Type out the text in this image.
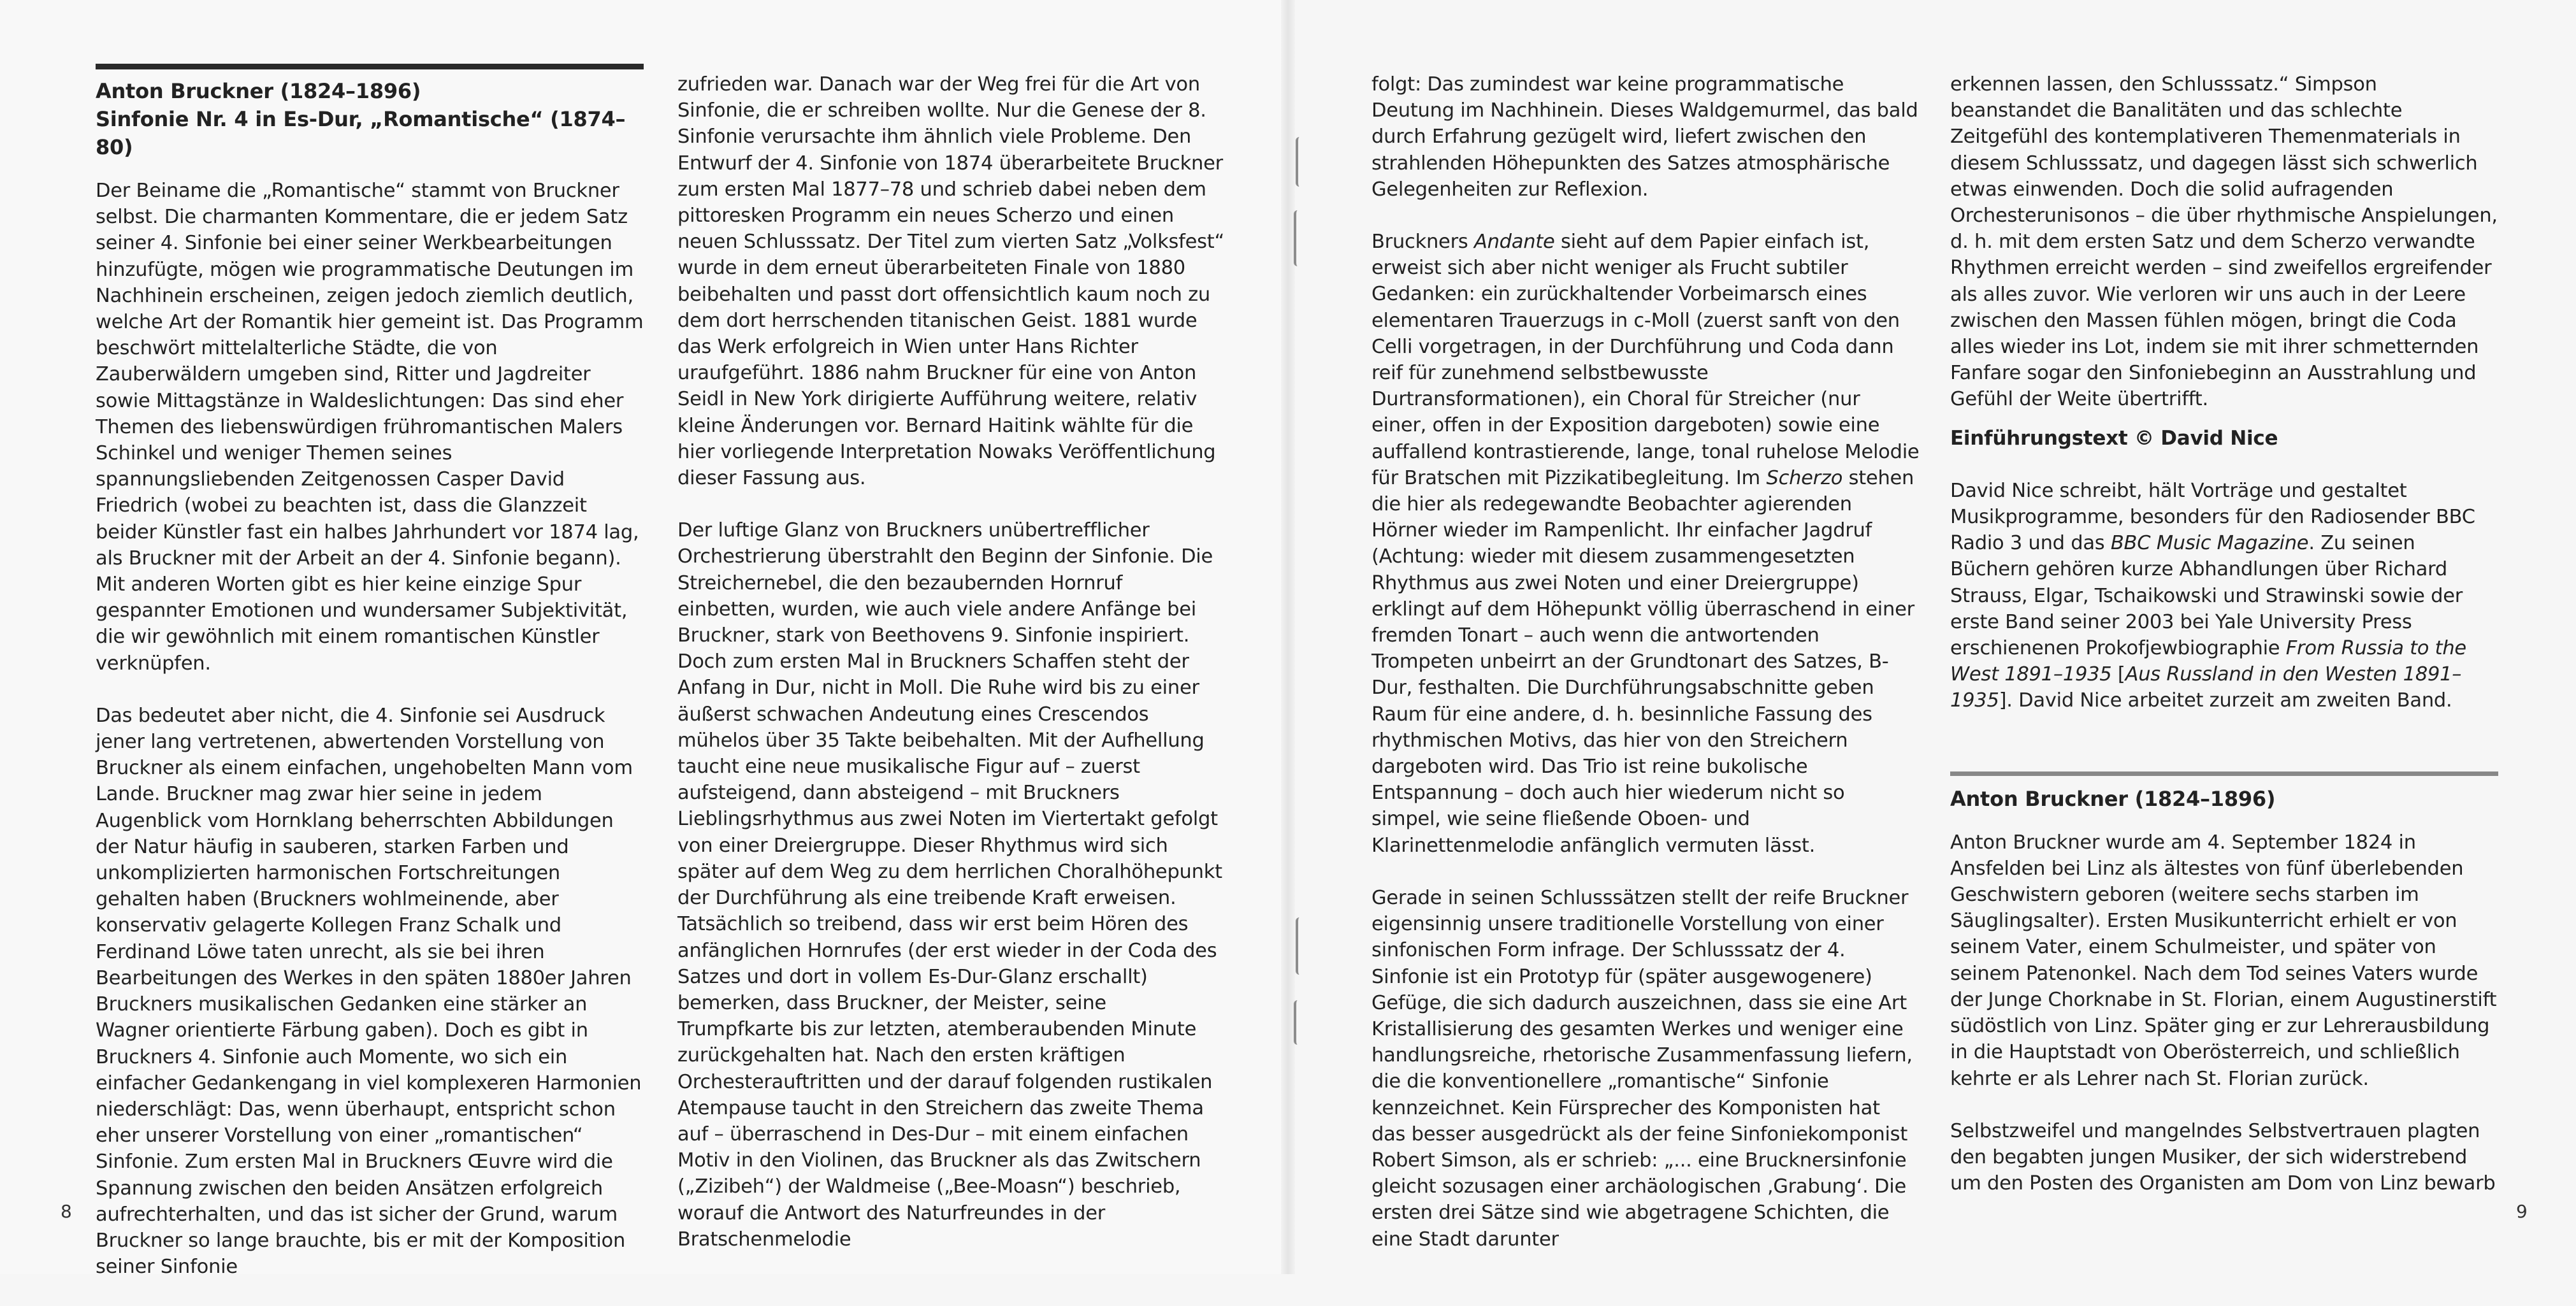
Anton Bruckner (1824–1896)

Sinfonie Nr. 4 in Es-Dur, „Romantische“ (1874–80)

Der Beiname die „Romantische“ stammt von Bruckner selbst. Die charmanten Kommentare, die er jedem Satz seiner 4. Sinfonie bei einer seiner Werkbearbeitungen hinzufügte, mögen wie programmatische Deutungen im Nachhinein erscheinen, zeigen jedoch ziemlich deutlich, welche Art der Romantik hier gemeint ist. Das Programm beschwört mittelalterliche Städte, die von Zauberwäldern umgeben sind, Ritter und Jagdreiter sowie Mittagstänze in Waldeslichtungen: Das sind eher Themen des liebenswürdigen frühromantischen Malers Schinkel und weniger Themen seines spannungsliebenden Zeitgenossen Casper David Friedrich (wobei zu beachten ist, dass die Glanzzeit beider Künstler fast ein halbes Jahrhundert vor 1874 lag, als Bruckner mit der Arbeit an der 4. Sinfonie begann). Mit anderen Worten gibt es hier keine einzige Spur gespannter Emotionen und wundersamer Subjektivität, die wir gewöhnlich mit einem romantischen Künstler verknüpfen.

Das bedeutet aber nicht, die 4. Sinfonie sei Ausdruck jener lang vertretenen, abwertenden Vorstellung von Bruckner als einem einfachen, ungehobelten Mann vom Lande. Bruckner mag zwar hier seine in jedem Augenblick vom Hornklang beherrschten Abbildungen der Natur häufig in sauberen, starken Farben und unkomplizierten harmonischen Fortschreitungen gehalten haben (Bruckners wohlmeinende, aber konservativ gelagerte Kollegen Franz Schalk und Ferdinand Löwe taten unrecht, als sie bei ihren Bearbeitungen des Werkes in den späten 1880er Jahren Bruckners musikalischen Gedanken eine stärker an Wagner orientierte Färbung gaben). Doch es gibt in Bruckners 4. Sinfonie auch Momente, wo sich ein einfacher Gedankengang in viel komplexeren Harmonien niederschlägt: Das, wenn überhaupt, entspricht schon eher unserer Vorstellung von einer „romantischen“ Sinfonie. Zum ersten Mal in Bruckners Œuvre wird die Spannung zwischen den beiden Ansätzen erfolgreich aufrechterhalten, und das ist sicher der Grund, warum Bruckner so lange brauchte, bis er mit der Komposition seiner Sinfonie

zufrieden war. Danach war der Weg frei für die Art von Sinfonie, die er schreiben wollte. Nur die Genese der 8. Sinfonie verursachte ihm ähnlich viele Probleme. Den Entwurf der 4. Sinfonie von 1874 überarbeitete Bruckner zum ersten Mal 1877–78 und schrieb dabei neben dem pittoresken Programm ein neues Scherzo und einen neuen Schlusssatz. Der Titel zum vierten Satz „Volksfest“ wurde in dem erneut überarbeiteten Finale von 1880 beibehalten und passt dort offensichtlich kaum noch zu dem dort herrschenden titanischen Geist. 1881 wurde das Werk erfolgreich in Wien unter Hans Richter uraufgeführt. 1886 nahm Bruckner für eine von Anton Seidl in New York dirigierte Aufführung weitere, relativ kleine Änderungen vor. Bernard Haitink wählte für die hier vorliegende Interpretation Nowaks Veröffentlichung dieser Fassung aus.

Der luftige Glanz von Bruckners unübertrefflicher Orchestrierung überstrahlt den Beginn der Sinfonie. Die Streichernebel, die den bezaubernden Hornruf einbetten, wurden, wie auch viele andere Anfänge bei Bruckner, stark von Beethovens 9. Sinfonie inspiriert. Doch zum ersten Mal in Bruckners Schaffen steht der Anfang in Dur, nicht in Moll. Die Ruhe wird bis zu einer äußerst schwachen Andeutung eines Crescendos mühelos über 35 Takte beibehalten. Mit der Aufhellung taucht eine neue musikalische Figur auf – zuerst aufsteigend, dann absteigend – mit Bruckners Lieblingsrhythmus aus zwei Noten im Viertertakt gefolgt von einer Dreiergruppe. Dieser Rhythmus wird sich später auf dem Weg zu dem herrlichen Choralhöhepunkt der Durchführung als eine treibende Kraft erweisen. Tatsächlich so treibend, dass wir erst beim Hören des anfänglichen Hornrufes (der erst wieder in der Coda des Satzes und dort in vollem Es-Dur-Glanz erschallt) bemerken, dass Bruckner, der Meister, seine Trumpfkarte bis zur letzten, atemberaubenden Minute zurückgehalten hat. Nach den ersten kräftigen Orchesterauftritten und der darauf folgenden rustikalen Atempause taucht in den Streichern das zweite Thema auf – überraschend in Des-Dur – mit einem einfachen Motiv in den Violinen, das Bruckner als das Zwitschern („Zizibeh“) der Waldmeise („Bee-Moasn“) beschrieb, worauf die Antwort des Naturfreundes in der Bratschenmelodie

folgt: Das zumindest war keine programmatische Deutung im Nachhinein. Dieses Waldgemurmel, das bald durch Erfahrung gezügelt wird, liefert zwischen den strahlenden Höhepunkten des Satzes atmosphärische Gelegenheiten zur Reflexion.

Bruckners Andante sieht auf dem Papier einfach ist, erweist sich aber nicht weniger als Frucht subtiler Gedanken: ein zurückhaltender Vorbeimarsch eines elementaren Trauerzugs in c-Moll (zuerst sanft von den Celli vorgetragen, in der Durchführung und Coda dann reif für zunehmend selbstbewusste Durtransformationen), ein Choral für Streicher (nur einer, offen in der Exposition dargeboten) sowie eine auffallend kontrastierende, lange, tonal ruhelose Melodie für Bratschen mit Pizzikatibegleitung. Im Scherzo stehen die hier als redegewandte Beobachter agierenden Hörner wieder im Rampenlicht. Ihr einfacher Jagdruf (Achtung: wieder mit diesem zusammengesetzten Rhythmus aus zwei Noten und einer Dreiergruppe) erklingt auf dem Höhepunkt völlig überraschend in einer fremden Tonart – auch wenn die antwortenden Trompeten unbeirrt an der Grundtonart des Satzes, B-Dur, festhalten. Die Durchführungsabschnitte geben Raum für eine andere, d. h. besinnliche Fassung des rhythmischen Motivs, das hier von den Streichern dargeboten wird. Das Trio ist reine bukolische Entspannung – doch auch hier wiederum nicht so simpel, wie seine fließende Oboen- und Klarinettenmelodie anfänglich vermuten lässt.

Gerade in seinen Schlusssätzen stellt der reife Bruckner eigensinnig unsere traditionelle Vorstellung von einer sinfonischen Form infrage. Der Schlusssatz der 4. Sinfonie ist ein Prototyp für (später ausgewogenere) Gefüge, die sich dadurch auszeichnen, dass sie eine Art Kristallisierung des gesamten Werkes und weniger eine handlungsreiche, rhetorische Zusammenfassung liefern, die die konventionellere „romantische“ Sinfonie kennzeichnet. Kein Fürsprecher des Komponisten hat das besser ausgedrückt als der feine Sinfoniekomponist Robert Simson, als er schrieb: „... eine Brucknersinfonie gleicht sozusagen einer archäologischen ‚Grabung‘. Die ersten drei Sätze sind wie abgetragene Schichten, die eine Stadt darunter

erkennen lassen, den Schlusssatz.“ Simpson beanstandet die Banalitäten und das schlechte Zeitgefühl des kontemplativeren Themenmaterials in diesem Schlusssatz, und dagegen lässt sich schwerlich etwas einwenden. Doch die solid aufragenden Orchesterunisonos – die über rhythmische Anspielungen, d. h. mit dem ersten Satz und dem Scherzo verwandte Rhythmen erreicht werden – sind zweifellos ergreifender als alles zuvor. Wie verloren wir uns auch in der Leere zwischen den Massen fühlen mögen, bringt die Coda alles wieder ins Lot, indem sie mit ihrer schmetternden Fanfare sogar den Sinfoniebeginn an Ausstrahlung und Gefühl der Weite übertrifft.

Einführungstext © David Nice

David Nice schreibt, hält Vorträge und gestaltet Musikprogramme, besonders für den Radiosender BBC Radio 3 und das BBC Music Magazine. Zu seinen Büchern gehören kurze Abhandlungen über Richard Strauss, Elgar, Tschaikowski und Strawinski sowie der erste Band seiner 2003 bei Yale University Press erschienenen Prokofjewbiographie From Russia to the West 1891–1935 [Aus Russland in den Westen 1891–1935]. David Nice arbeitet zurzeit am zweiten Band.

Anton Bruckner (1824–1896)

Anton Bruckner wurde am 4. September 1824 in Ansfelden bei Linz als ältestes von fünf überlebenden Geschwistern geboren (weitere sechs starben im Säuglingsalter). Ersten Musikunterricht erhielt er von seinem Vater, einem Schulmeister, und später von seinem Patenonkel. Nach dem Tod seines Vaters wurde der Junge Chorknabe in St. Florian, einem Augustinerstift südöstlich von Linz. Später ging er zur Lehrerausbildung in die Hauptstadt von Oberösterreich, und schließlich kehrte er als Lehrer nach St. Florian zurück.

Selbstzweifel und mangelndes Selbstvertrauen plagten den begabten jungen Musiker, der sich widerstrebend um den Posten des Organisten am Dom von Linz bewarb

8	9
